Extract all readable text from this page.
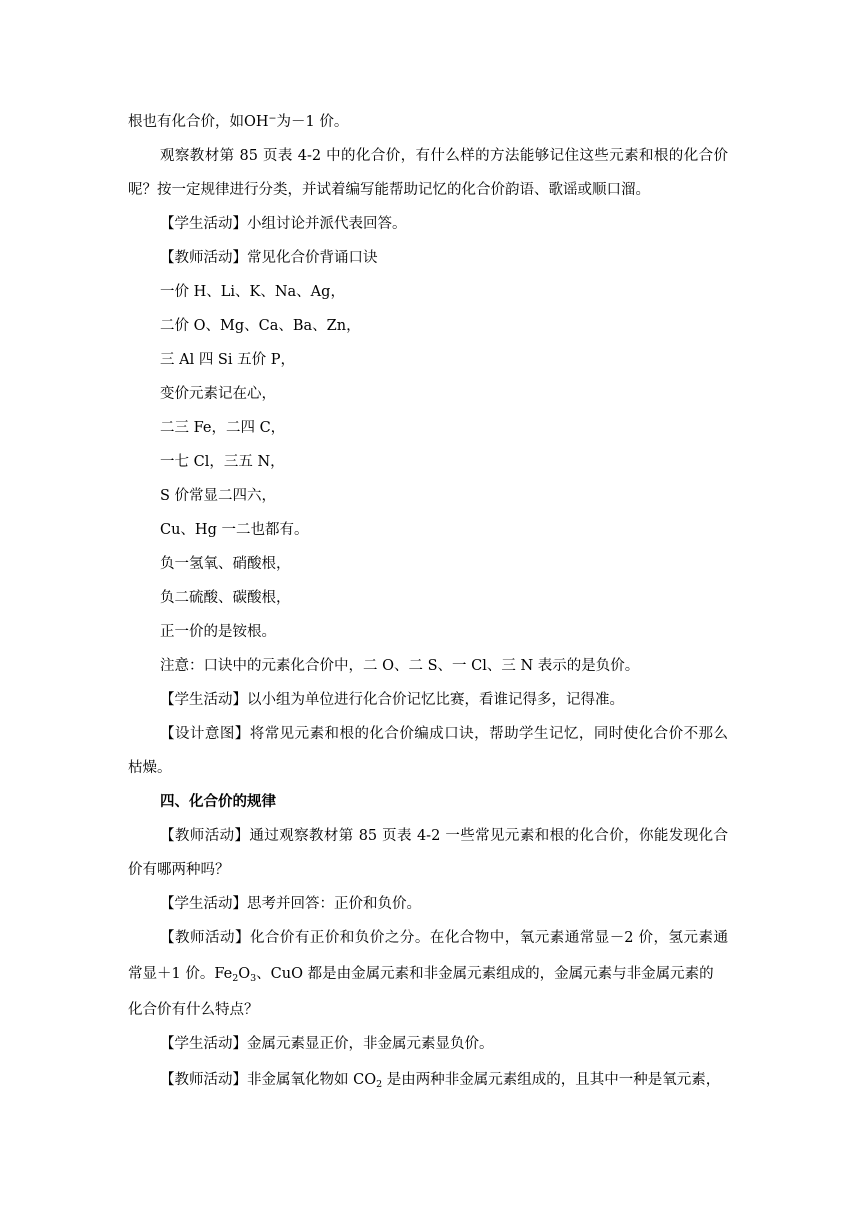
根也有化合价，如OH−为－1 价。
观察教材第 85 页表 4-2 中的化合价，有什么样的方法能够记住这些元素和根的化合价
呢？按一定规律进行分类，并试着编写能帮助记忆的化合价韵语、歌谣或顺口溜。
【学生活动】小组讨论并派代表回答。
【教师活动】常见化合价背诵口诀
一价 H、Li、K、Na、Ag，
二价 O、Mg、Ca、Ba、Zn，
三 Al 四 Si 五价 P，
变价元素记在心，
二三 Fe，二四 C，
一七 Cl，三五 N，
S 价常显二四六，
Cu、Hg 一二也都有。
负一氢氧、硝酸根，
负二硫酸、碳酸根，
正一价的是铵根。
注意：口诀中的元素化合价中，二 O、二 S、一 Cl、三 N 表示的是负价。
【学生活动】以小组为单位进行化合价记忆比赛，看谁记得多，记得准。
【设计意图】将常见元素和根的化合价编成口诀，帮助学生记忆，同时使化合价不那么
枯燥。
四、化合价的规律
【教师活动】通过观察教材第 85 页表 4-2 一些常见元素和根的化合价，你能发现化合
价有哪两种吗？
【学生活动】思考并回答：正价和负价。
【教师活动】化合价有正价和负价之分。在化合物中，氧元素通常显－2 价，氢元素通
常显＋1 价。$Fe_2O_3$、CuO 都是由金属元素和非金属元素组成的，金属元素与非金属元素的
化合价有什么特点？
【学生活动】金属元素显正价，非金属元素显负价。
【教师活动】非金属氧化物如 $CO_2$ 是由两种非金属元素组成的，且其中一种是氧元素，
